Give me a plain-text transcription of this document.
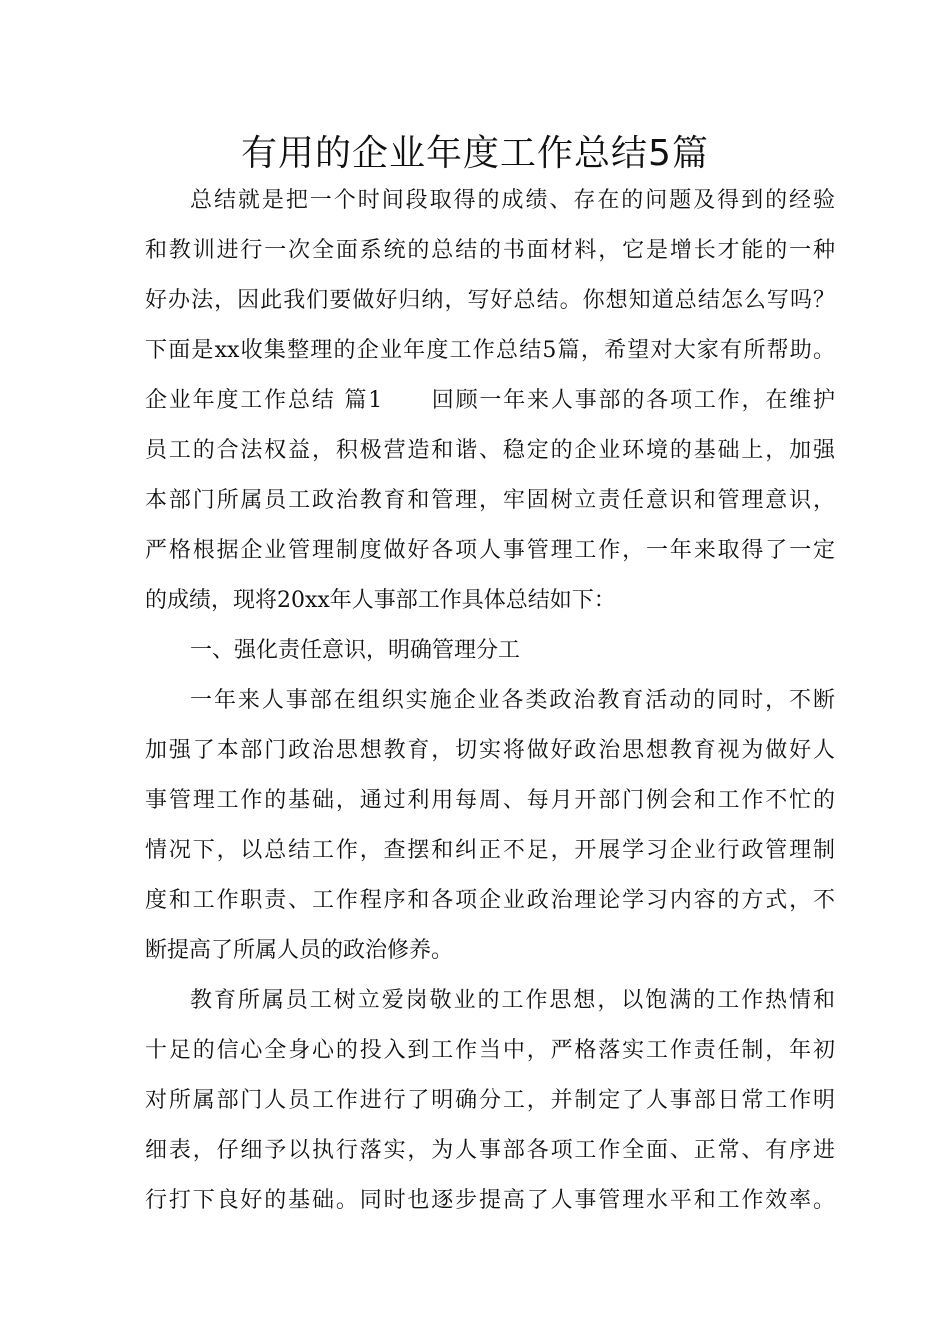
有用的企业年度工作总结5篇
总结就是把一个时间段取得的成绩、存在的问题及得到的经验
和教训进行一次全面系统的总结的书面材料，它是增长才能的一种
好办法，因此我们要做好归纳，写好总结。你想知道总结怎么写吗？
下面是xx收集整理的企业年度工作总结5篇，希望对大家有所帮助。
企业年度工作总结 篇1　　回顾一年来人事部的各项工作，在维护
员工的合法权益，积极营造和谐、稳定的企业环境的基础上，加强
本部门所属员工政治教育和管理，牢固树立责任意识和管理意识，
严格根据企业管理制度做好各项人事管理工作，一年来取得了一定
的成绩，现将20xx年人事部工作具体总结如下：
一、强化责任意识，明确管理分工
一年来人事部在组织实施企业各类政治教育活动的同时，不断
加强了本部门政治思想教育，切实将做好政治思想教育视为做好人
事管理工作的基础，通过利用每周、每月开部门例会和工作不忙的
情况下，以总结工作，查摆和纠正不足，开展学习企业行政管理制
度和工作职责、工作程序和各项企业政治理论学习内容的方式，不
断提高了所属人员的政治修养。
教育所属员工树立爱岗敬业的工作思想，以饱满的工作热情和
十足的信心全身心的投入到工作当中，严格落实工作责任制，年初
对所属部门人员工作进行了明确分工，并制定了人事部日常工作明
细表，仔细予以执行落实，为人事部各项工作全面、正常、有序进
行打下良好的基础。同时也逐步提高了人事管理水平和工作效率。
